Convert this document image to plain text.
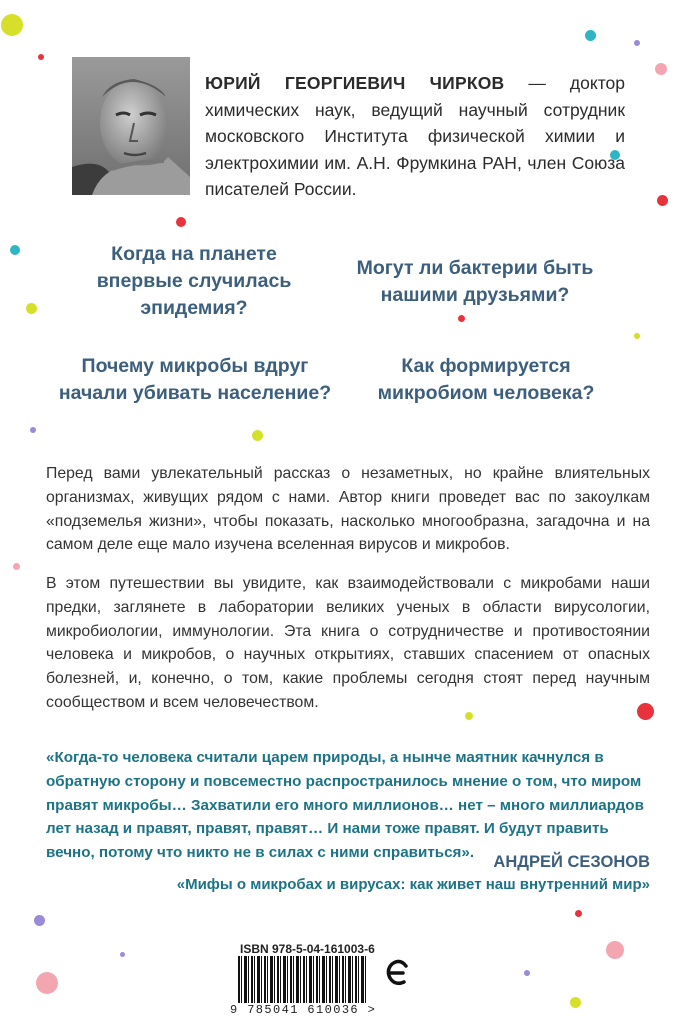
ЮРИЙ ГЕОРГИЕВИЧ ЧИРКОВ — доктор химических наук, ведущий научный сотрудник московского Института физической химии и электрохимии им. А.Н. Фрумкина РАН, член Союза писателей России.
Когда на планете впервые случилась эпидемия?
Могут ли бактерии быть нашими друзьями?
Почему микробы вдруг начали убивать население?
Как формируется микробиом человека?

Перед вами увлекательный рассказ о незаметных, но крайне влиятельных организмах, живущих рядом с нами. Автор книги проведет вас по закоулкам «подземелья жизни», чтобы показать, насколько многообразна, загадочна и на самом деле еще мало изучена вселенная вирусов и микробов.

В этом путешествии вы увидите, как взаимодействовали с микробами наши предки, заглянете в лаборатории великих ученых в области вирусологии, микробиологии, иммунологии. Эта книга о сотрудничестве и противостоянии человека и микробов, о научных открытиях, ставших спасением от опасных болезней, и, конечно, о том, какие проблемы сегодня стоят перед научным сообществом и всем человечеством.

«Когда-то человека считали царем природы, а нынче маятник качнулся в обратную сторону и повсеместно распространилось мнение о том, что миром правят микробы… Захватили его много миллионов… нет – много миллиардов лет назад и правят, правят, правят… И нами тоже правят. И будут править вечно, потому что никто не в силах с ними справиться».

АНДРЕЙ СЕЗОНОВ
«Мифы о микробах и вирусах: как живет наш внутренний мир»
ISBN 978-5-04-161003-6
9 785041 610036 >
